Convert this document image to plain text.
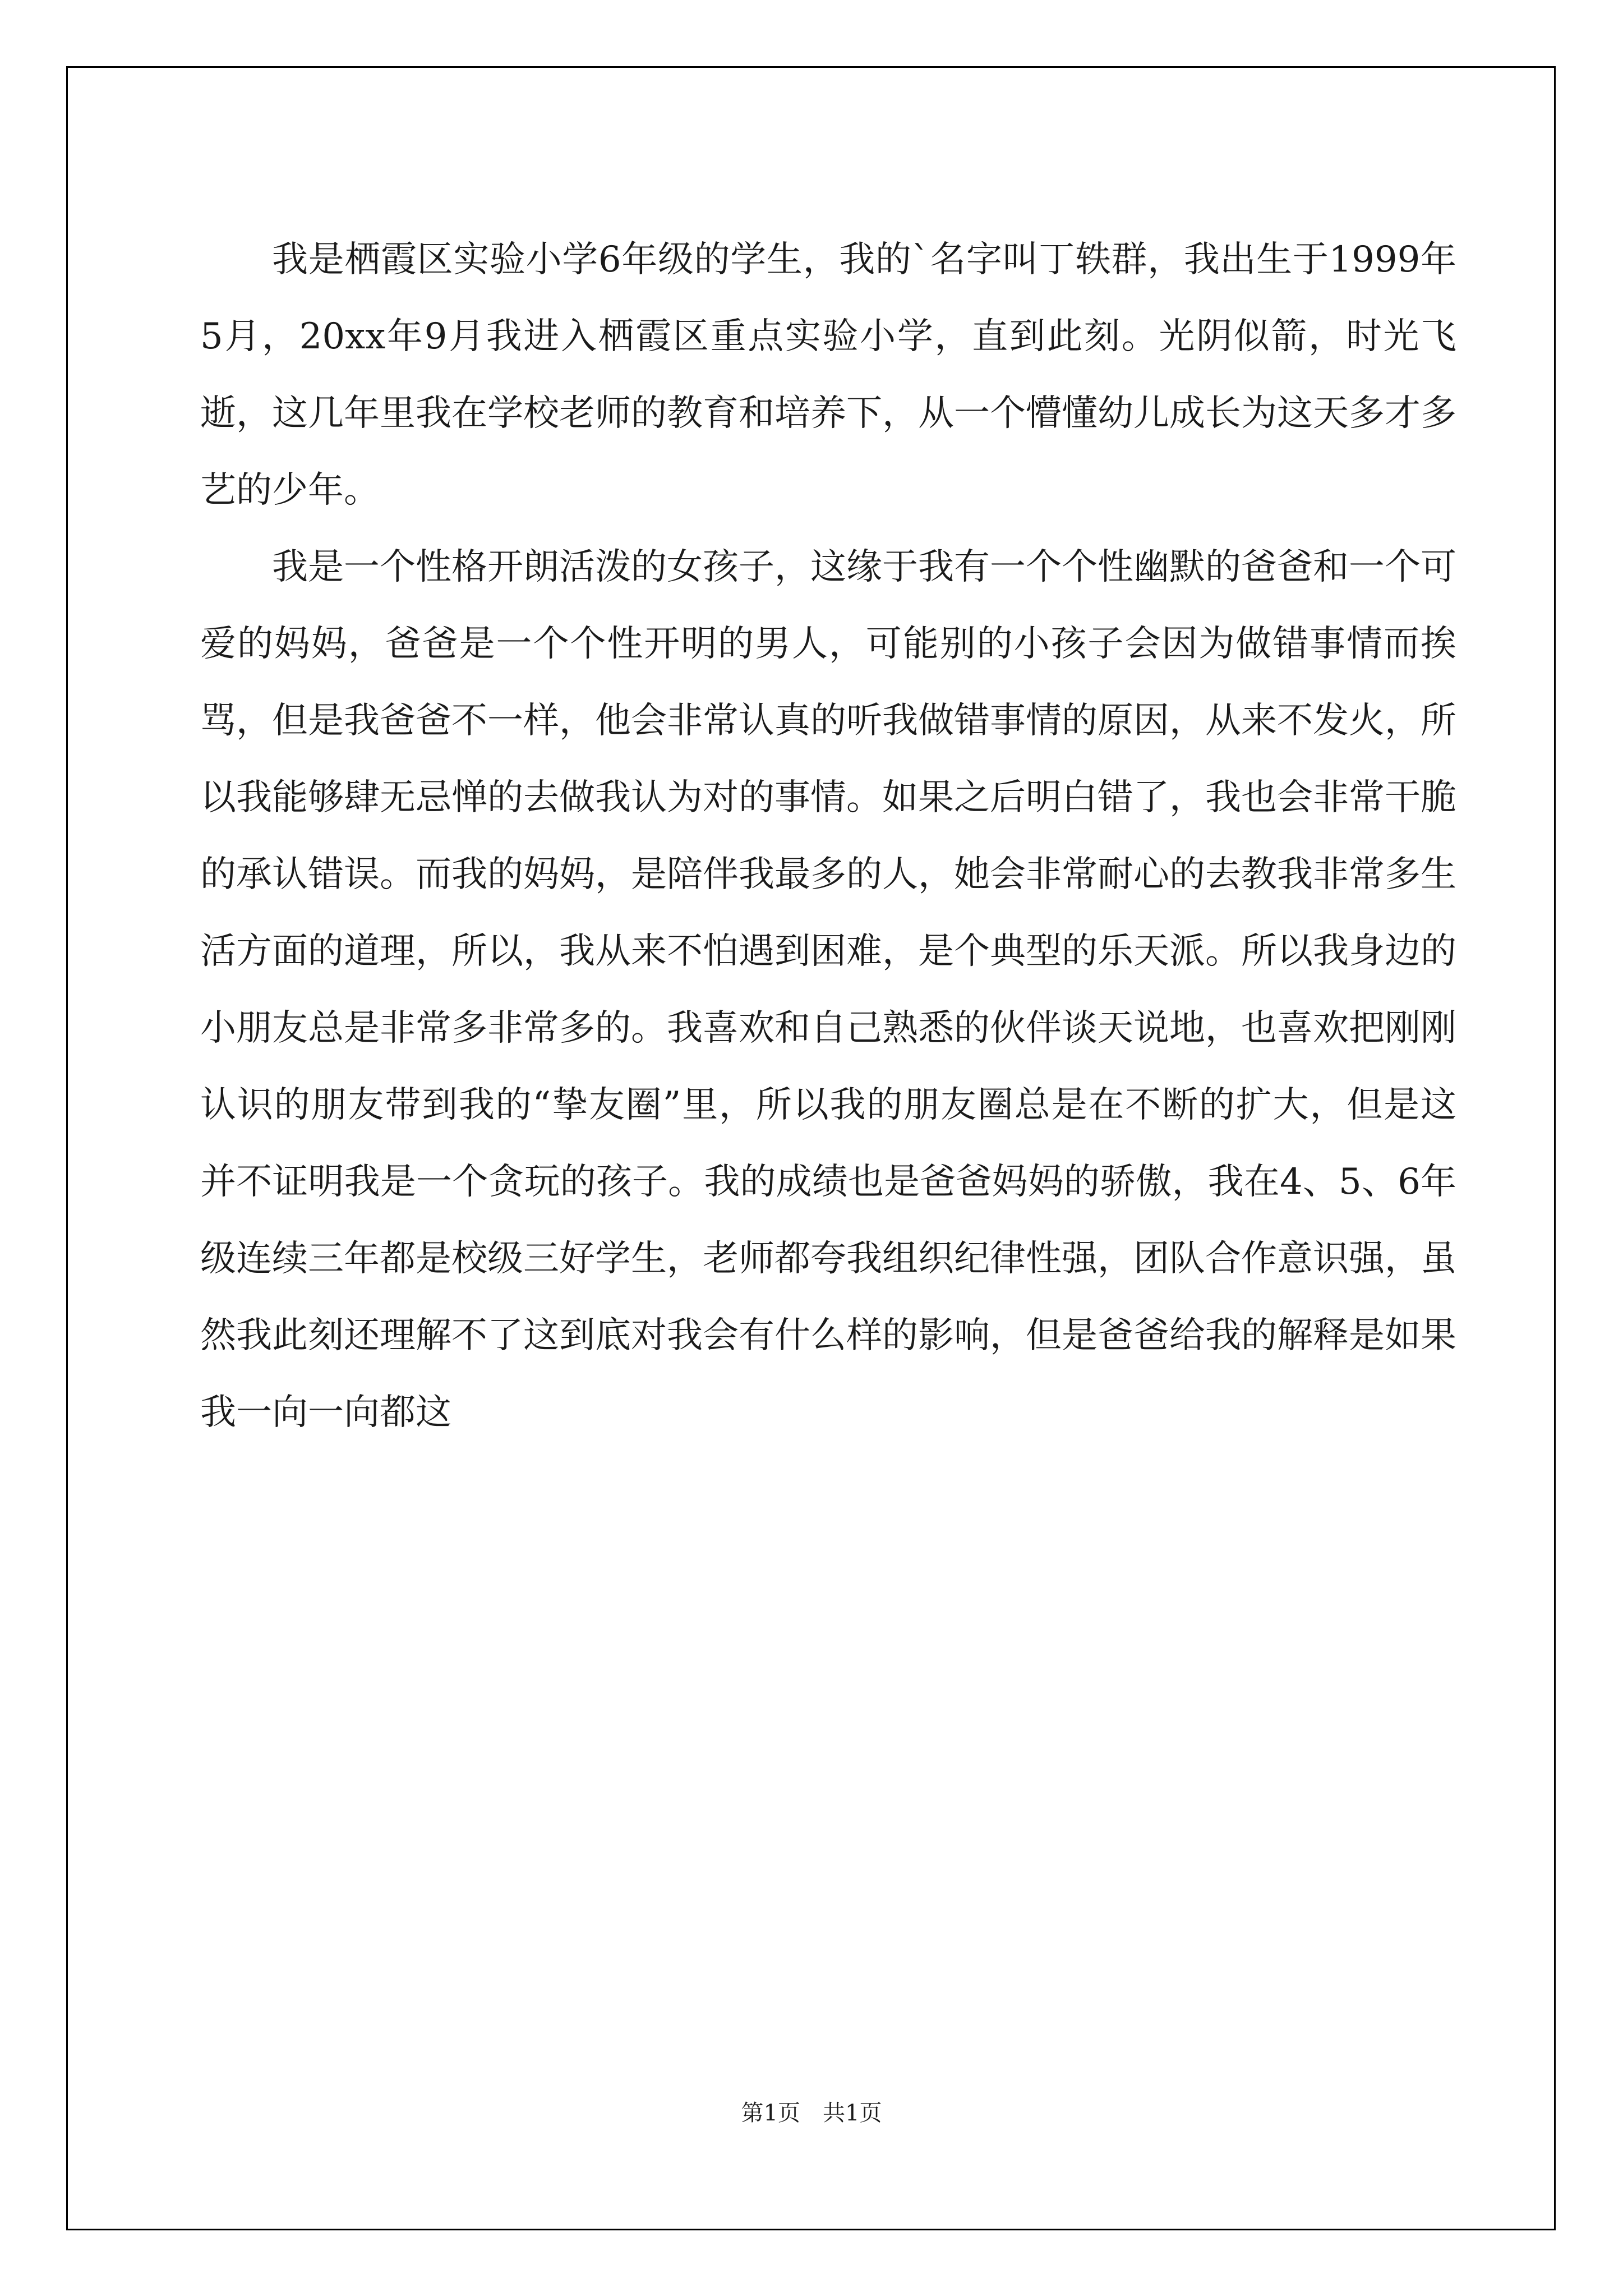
我是栖霞区实验小学6年级的学生，我的`名字叫丁轶群，我出生于1999年5月，20xx年9月我进入栖霞区重点实验小学，直到此刻。光阴似箭，时光飞逝，这几年里我在学校老师的教育和培养下，从一个懵懂幼儿成长为这天多才多艺的少年。

我是一个性格开朗活泼的女孩子，这缘于我有一个个性幽默的爸爸和一个可爱的妈妈，爸爸是一个个性开明的男人，可能别的小孩子会因为做错事情而挨骂，但是我爸爸不一样，他会非常认真的听我做错事情的原因，从来不发火，所以我能够肆无忌惮的去做我认为对的事情。如果之后明白错了，我也会非常干脆的承认错误。而我的妈妈，是陪伴我最多的人，她会非常耐心的去教我非常多生活方面的道理，所以，我从来不怕遇到困难，是个典型的乐天派。所以我身边的小朋友总是非常多非常多的。我喜欢和自己熟悉的伙伴谈天说地，也喜欢把刚刚认识的朋友带到我的“挚友圈”里，所以我的朋友圈总是在不断的扩大，但是这并不证明我是一个贪玩的孩子。我的成绩也是爸爸妈妈的骄傲，我在4、5、6年级连续三年都是校级三好学生，老师都夸我组织纪律性强，团队合作意识强，虽然我此刻还理解不了这到底对我会有什么样的影响，但是爸爸给我的解释是如果我一向一向都这

第1页　共1页
